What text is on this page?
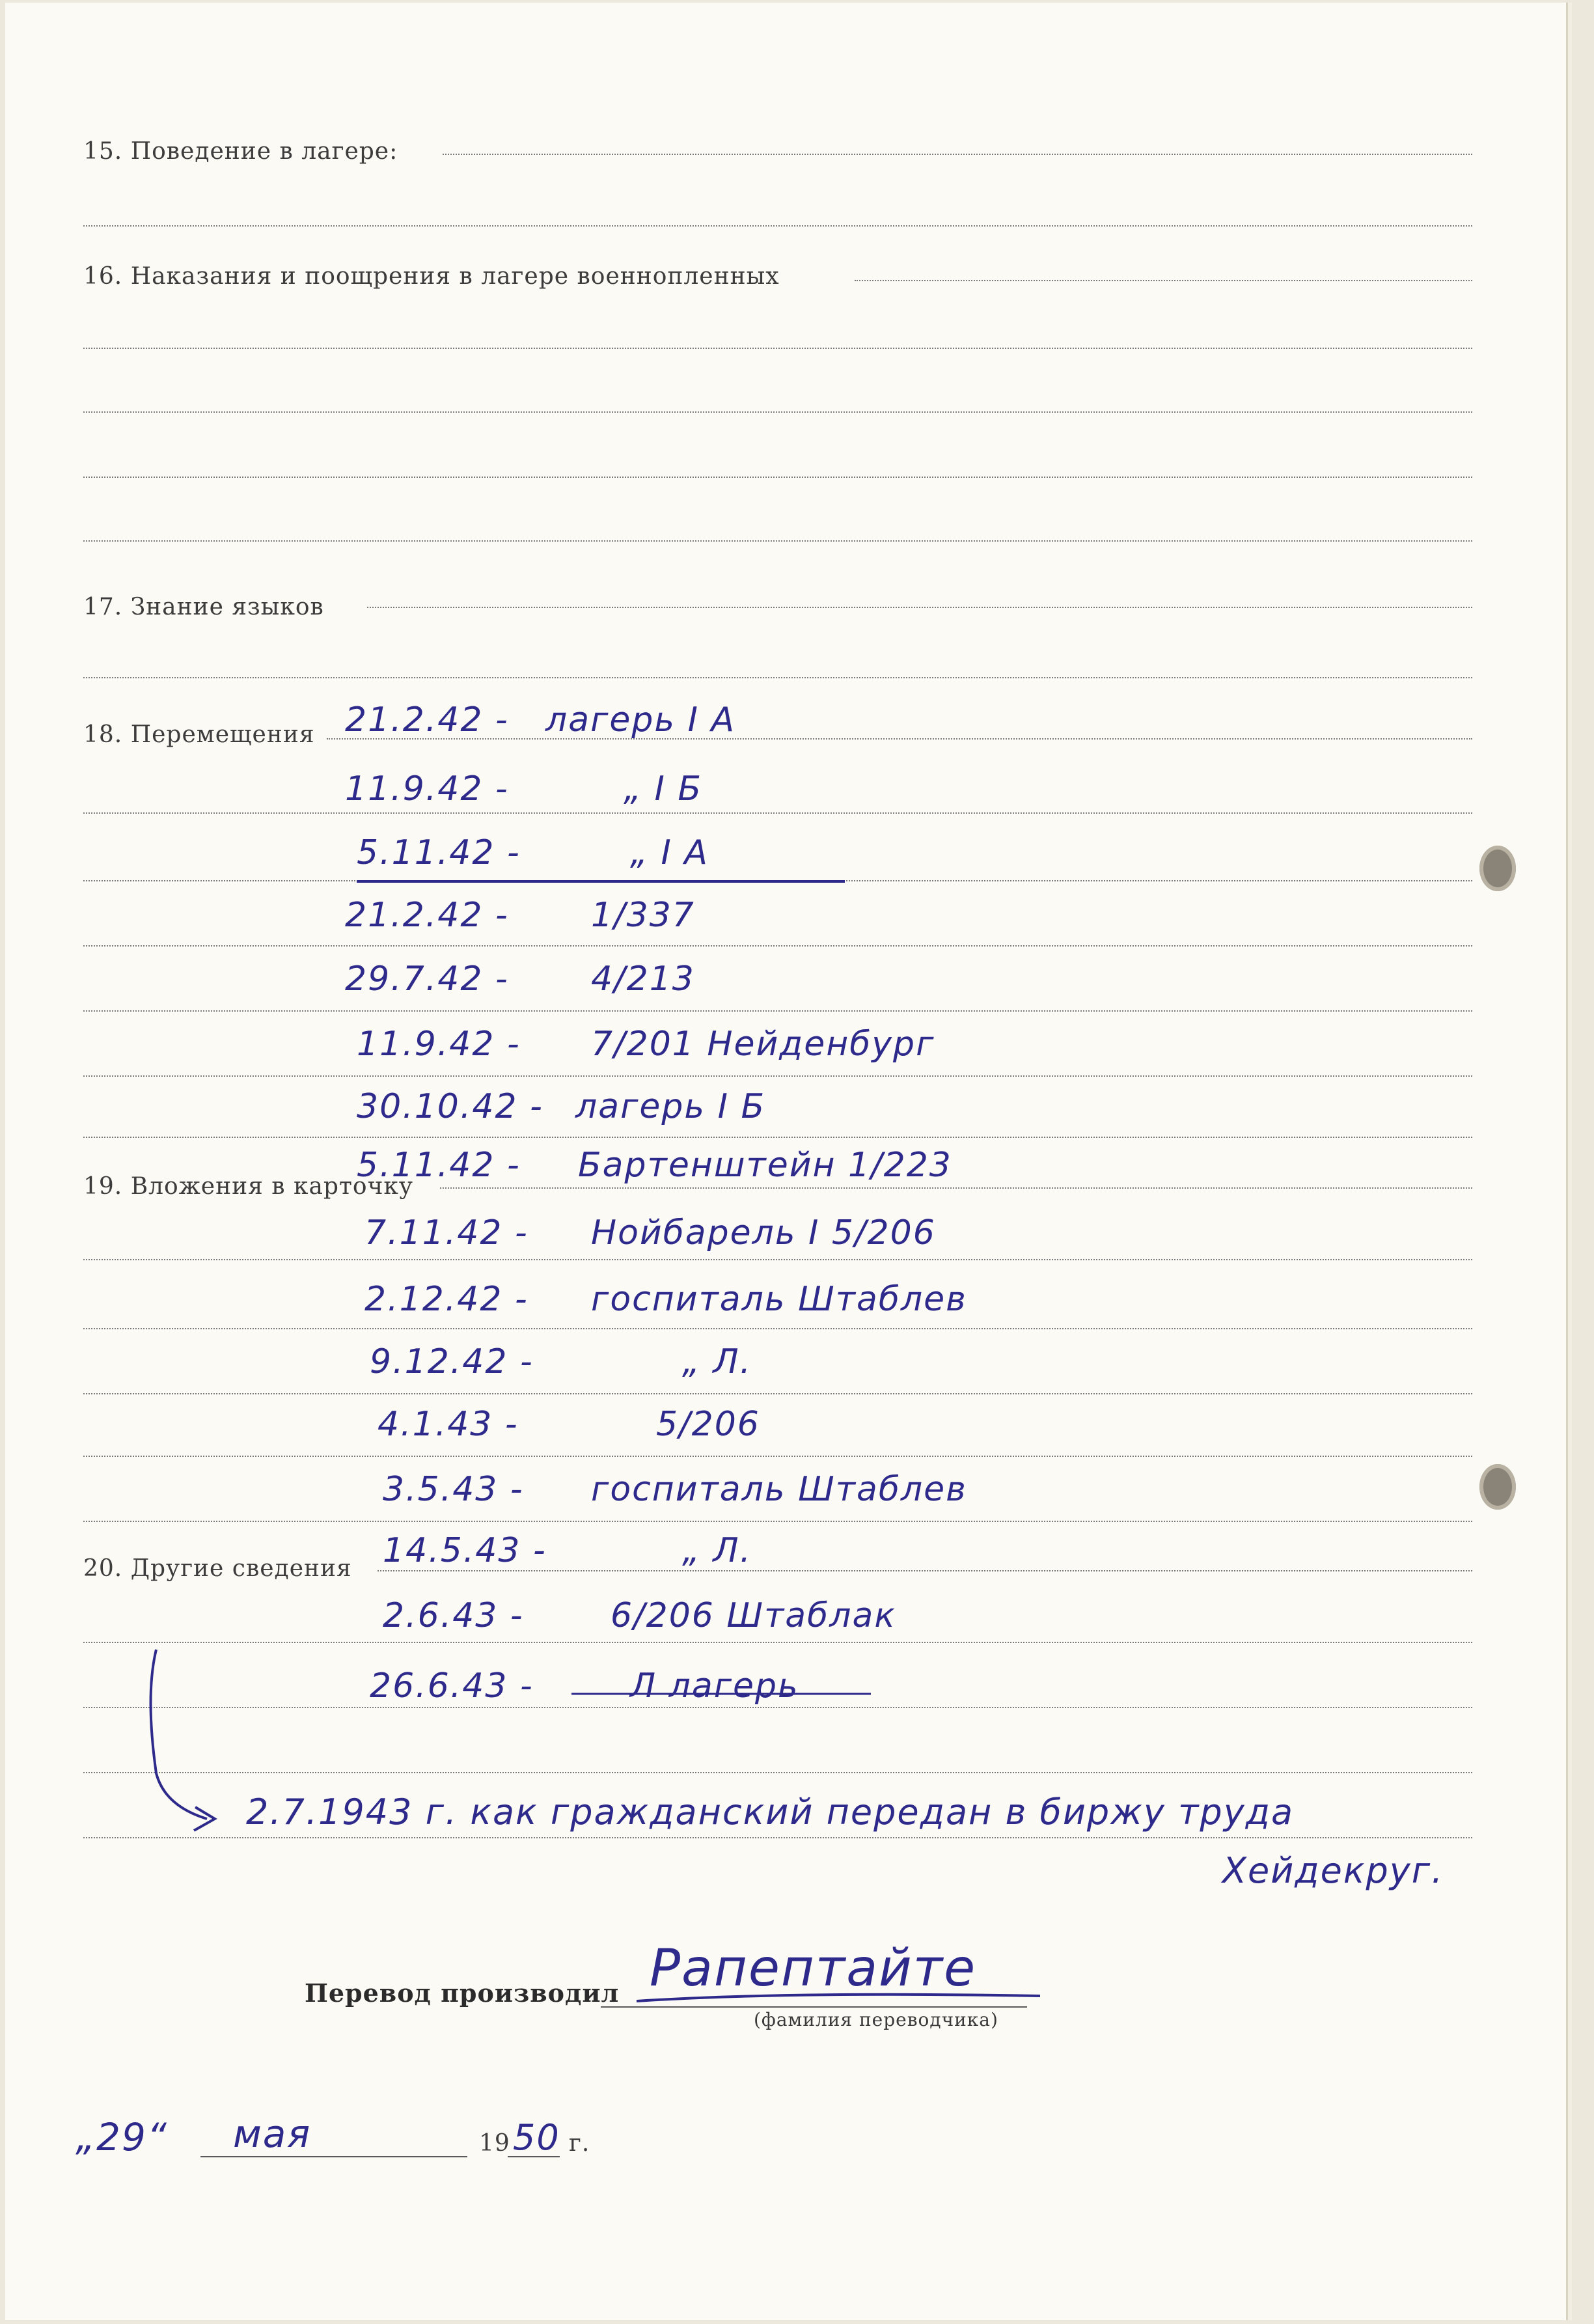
15. Поведение в лагере:
16. Наказания и поощрения в лагере военнопленных
17. Знание языков
18. Перемещения
19. Вложения в карточку
20. Другие сведения
21.2.42 - лагерь I A
11.9.42 -	„ I Б
5.11.42 -	„ I A
21.2.42 - 1/337
29.7.42 - 4/213
11.9.42 - 7/201 Нейденбург
30.10.42 - лагерь I Б
5.11.42 - Бартенштейн 1/223
7.11.42 - Нойбарель I 5/206
2.12.42 - госпиталь Штаблев
9.12.42 -	„ Л.
4.1.43 -	5/206
3.5.43 - госпиталь Штаблев
14.5.43 -	„ Л.
2.6.43 -	6/206 Штаблак
26.6.43 -	Л лагерь
2.7.1943 г. как гражданский передан в биржу труда
Хейдекруг.
Перевод производил
(фамилия переводчика)
Рапептайте
„29“ мая	19 50 г.
